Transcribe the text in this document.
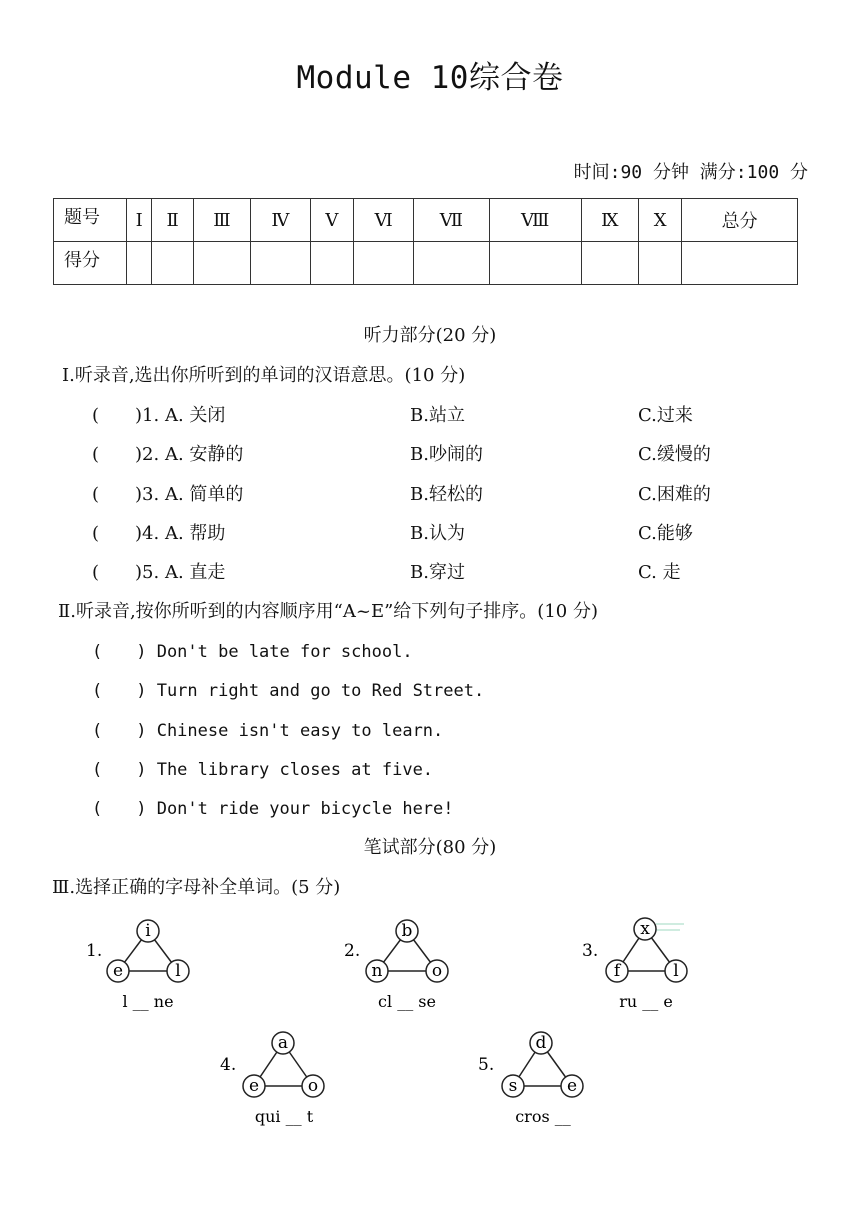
Module 10综合卷
时间:90 分钟 满分:100 分
题号	Ⅰ	Ⅱ	Ⅲ	Ⅳ	Ⅴ	Ⅵ	Ⅶ	Ⅷ	Ⅸ	Ⅹ	总分
得分											
听力部分(20 分)
Ⅰ.听录音,选出你所听到的单词的汉语意思。(10 分)
(　　)1. A. 关闭	B.站立	C.过来
(　　)2. A. 安静的	B.吵闹的	C.缓慢的
(　　)3. A. 简单的	B.轻松的	C.困难的
(　　)4. A. 帮助	B.认为	C.能够
(　　)5. A. 直走	B.穿过	C. 走
Ⅱ.听录音,按你所听到的内容顺序用“A~E”给下列句子排序。(10 分)
(　　) Don't be late for school.
(　　) Turn right and go to Red Street.
(　　) Chinese isn't easy to learn.
(　　) The library closes at five.
(　　) Don't ride your bicycle here!
笔试部分(80 分)
Ⅲ.选择正确的字母补全单词。(5 分)
1.
i
e	l
l __ ne
2.
b
n	o
cl __ se
3.
x
f	l
ru __ e
4.
a
e	o
qui __ t
5.
d
s	e
cros __
